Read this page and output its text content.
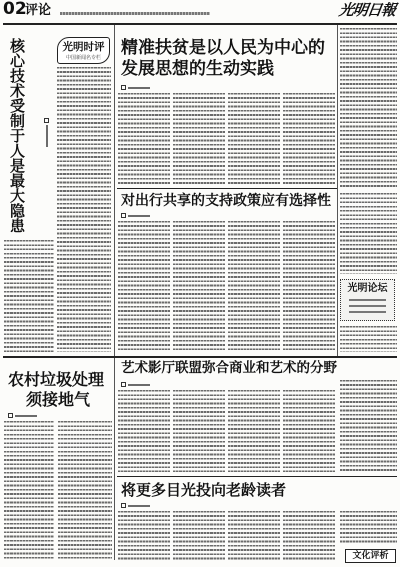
02
评论	光明日報
核心技术受制于人是最大隐患	光明时评
中国新闻名专栏	精准扶贫是以人民为中心的
发展思想的生动实践
对出行共享的支持政策应有选择性
光明论坛
农村垃圾处理
须接地气
艺术影厅联盟弥合商业和艺术的分野
将更多目光投向老龄读者
文化评析
